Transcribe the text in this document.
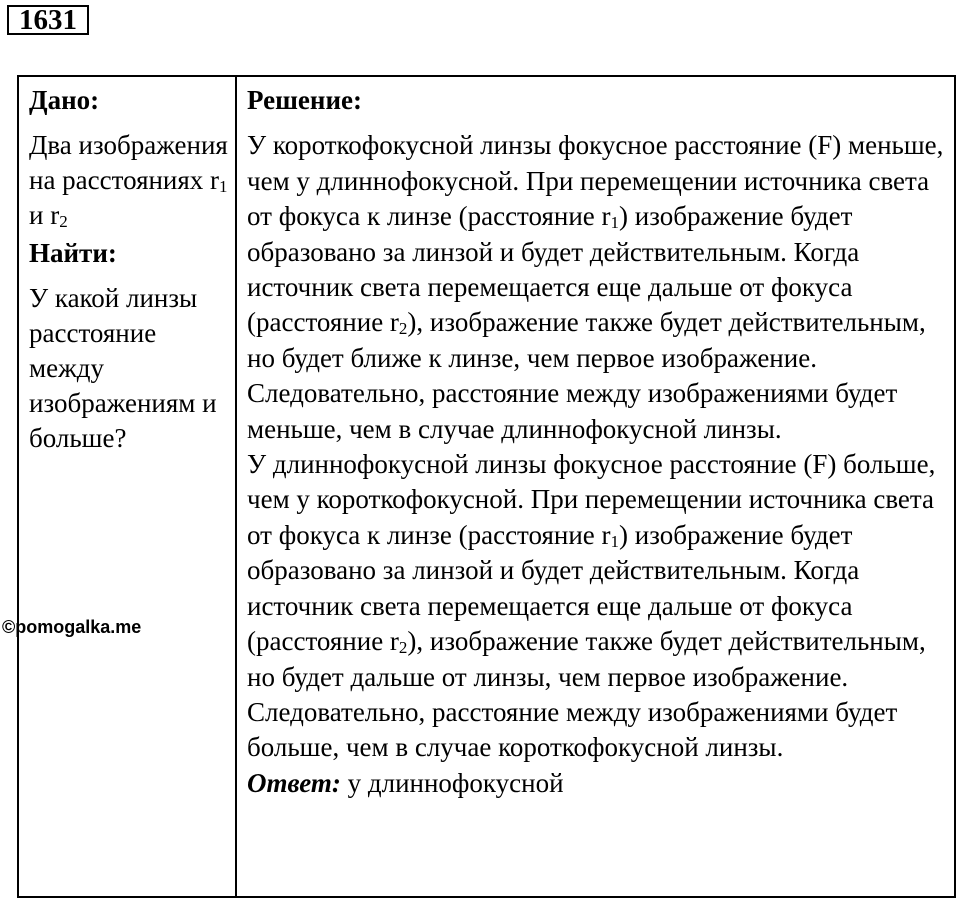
1631
Дано:
Два изображения на расстояниях $r_1$ и $r_2$
Найти:
У какой линзы расстояние между изображениям и больше?
Решение:

У короткофокусной линзы фокусное расстояние (F) меньше, чем у длиннофокусной. При перемещении источника света от фокуса к линзе (расстояние $r_1$) изображение будет образовано за линзой и будет действительным. Когда источник света перемещается еще дальше от фокуса (расстояние $r_2$), изображение также будет действительным, но будет ближе к линзе, чем первое изображение. Следовательно, расстояние между изображениями будет меньше, чем в случае длиннофокусной линзы.

У длиннофокусной линзы фокусное расстояние (F) больше, чем у короткофокусной. При перемещении источника света от фокуса к линзе (расстояние $r_1$) изображение будет образовано за линзой и будет действительным. Когда источник света перемещается еще дальше от фокуса (расстояние $r_2$), изображение также будет действительным, но будет дальше от линзы, чем первое изображение. Следовательно, расстояние между изображениями будет больше, чем в случае короткофокусной линзы.

Ответ: у длиннофокусной

©pomogalka.me
